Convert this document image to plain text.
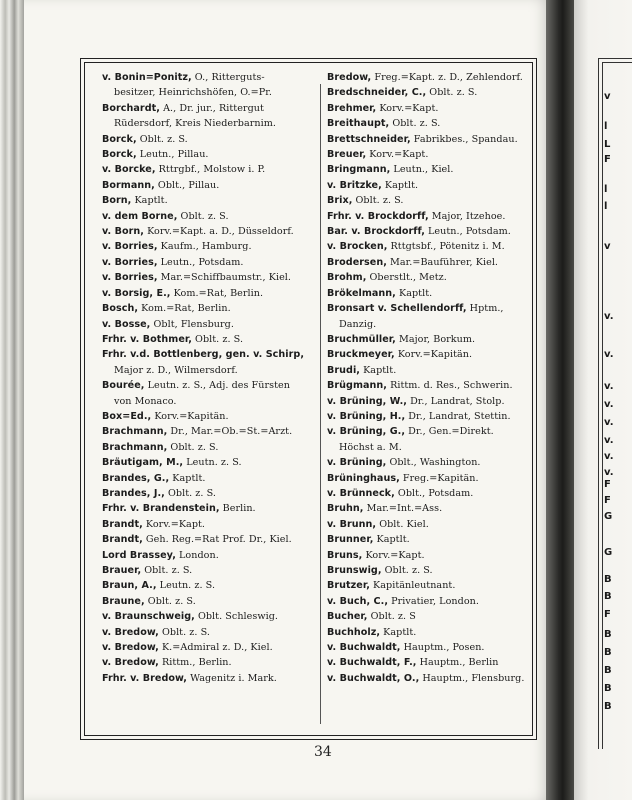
v. Bonin=Ponitz, O., Ritterguts-
besitzer, Heinrichshöfen, O.=Pr.
Borchardt, A., Dr. jur., Rittergut
Rüdersdorf, Kreis Niederbarnim.
Borck, Oblt. z. S.
Borck, Leutn., Pillau.
v. Borcke, Rttrgbf., Molstow i. P.
Bormann, Oblt., Pillau.
Born, Kaptlt.
v. dem Borne, Oblt. z. S.
v. Born, Korv.=Kapt. a. D., Düsseldorf.
v. Borries, Kaufm., Hamburg.
v. Borries, Leutn., Potsdam.
v. Borries, Mar.=Schiffbaumstr., Kiel.
v. Borsig, E., Kom.=Rat, Berlin.
Bosch, Kom.=Rat, Berlin.
v. Bosse, Oblt, Flensburg.
Frhr. v. Bothmer, Oblt. z. S.
Frhr. v.d. Bottlenberg, gen. v. Schirp,
Major z. D., Wilmersdorf.
Bourée, Leutn. z. S., Adj. des Fürsten
von Monaco.
Box=Ed., Korv.=Kapitän.
Brachmann, Dr., Mar.=Ob.=St.=Arzt.
Brachmann, Oblt. z. S.
Bräutigam, M., Leutn. z. S.
Brandes, G., Kaptlt.
Brandes, J., Oblt. z. S.
Frhr. v. Brandenstein, Berlin.
Brandt, Korv.=Kapt.
Brandt, Geh. Reg.=Rat Prof. Dr., Kiel.
Lord Brassey, London.
Brauer, Oblt. z. S.
Braun, A., Leutn. z. S.
Braune, Oblt. z. S.
v. Braunschweig, Oblt. Schleswig.
v. Bredow, Oblt. z. S.
v. Bredow, K.=Admiral z. D., Kiel.
v. Bredow, Rittm., Berlin.
Frhr. v. Bredow, Wagenitz i. Mark.
Bredow, Freg.=Kapt. z. D., Zehlendorf.
Bredschneider, C., Oblt. z. S.
Brehmer, Korv.=Kapt.
Breithaupt, Oblt. z. S.
Brettschneider, Fabrikbes., Spandau.
Breuer, Korv.=Kapt.
Bringmann, Leutn., Kiel.
v. Britzke, Kaptlt.
Brix, Oblt. z. S.
Frhr. v. Brockdorff, Major, Itzehoe.
Bar. v. Brockdorff, Leutn., Potsdam.
v. Brocken, Rttgtsbf., Pötenitz i. M.
Brodersen, Mar.=Bauführer, Kiel.
Brohm, Oberstlt., Metz.
Brökelmann, Kaptlt.
Bronsart v. Schellendorff, Hptm.,
Danzig.
Bruchmüller, Major, Borkum.
Bruckmeyer, Korv.=Kapitän.
Brudi, Kaptlt.
Brügmann, Rittm. d. Res., Schwerin.
v. Brüning, W., Dr., Landrat, Stolp.
v. Brüning, H., Dr., Landrat, Stettin.
v. Brüning, G., Dr., Gen.=Direkt.
Höchst a. M.
v. Brüning, Oblt., Washington.
Brüninghaus, Freg.=Kapitän.
v. Brünneck, Oblt., Potsdam.
Bruhn, Mar.=Int.=Ass.
v. Brunn, Oblt. Kiel.
Brunner, Kaptlt.
Bruns, Korv.=Kapt.
Brunswig, Oblt. z. S.
Brutzer, Kapitänleutnant.
v. Buch, C., Privatier, London.
Bucher, Oblt. z. S
Buchholz, Kaptlt.
v. Buchwaldt, Hauptm., Posen.
v. Buchwaldt, F., Hauptm., Berlin
v. Buchwaldt, O., Hauptm., Flensburg.
34
v
l
L
F
l
l
v
v.
v.
v.
v.
v.
v.
v.
v.
F
F
G
G
B
B
F
B
B
B
B
B
